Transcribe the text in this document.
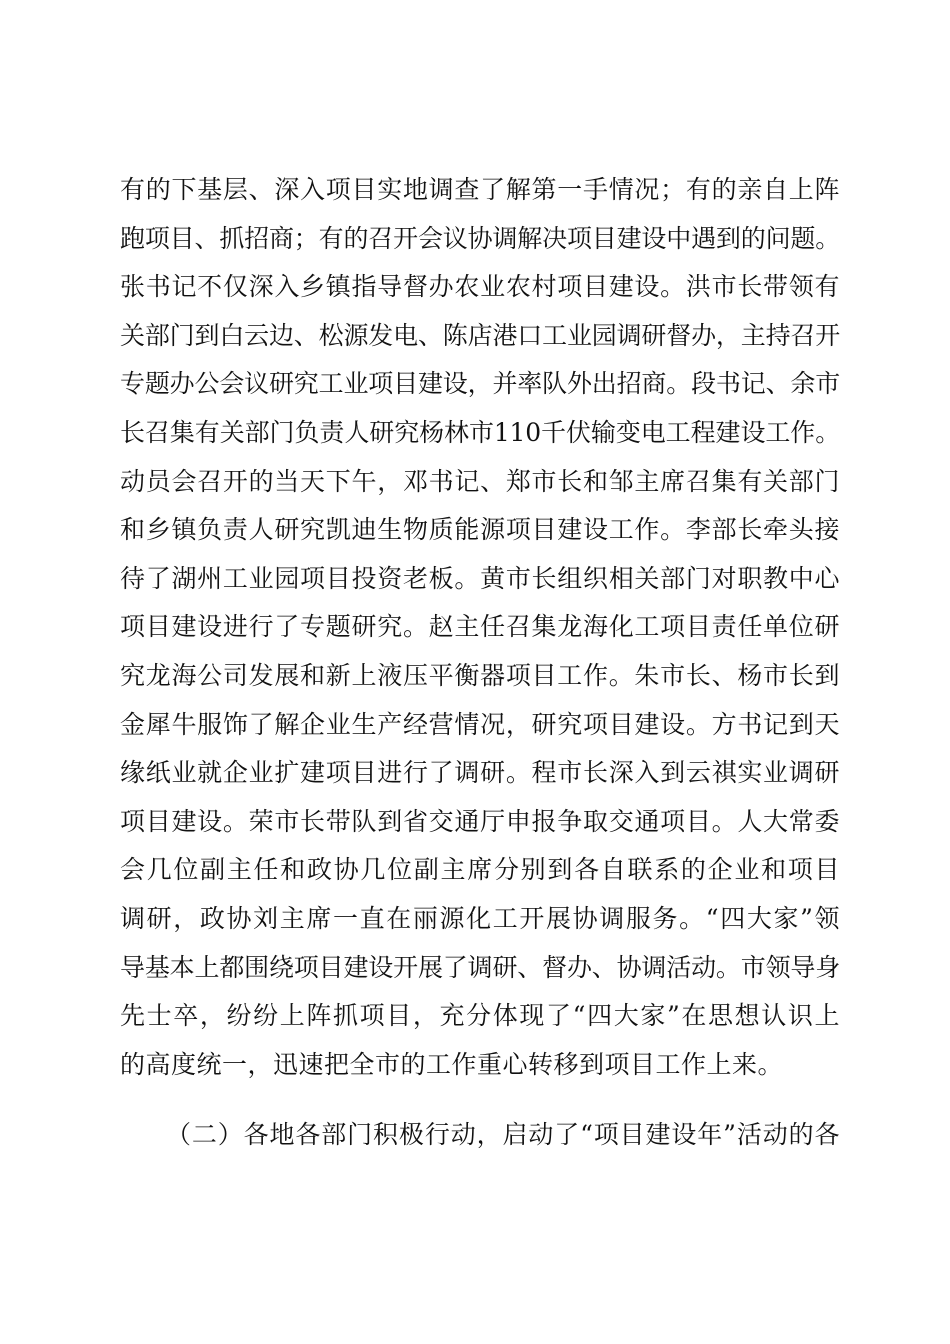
有的下基层、深入项目实地调查了解第一手情况；有的亲自上阵
跑项目、抓招商；有的召开会议协调解决项目建设中遇到的问题。
张书记不仅深入乡镇指导督办农业农村项目建设。洪市长带领有
关部门到白云边、松源发电、陈店港口工业园调研督办，主持召开
专题办公会议研究工业项目建设，并率队外出招商。段书记、余市
长召集有关部门负责人研究杨林市110千伏输变电工程建设工作。
动员会召开的当天下午，邓书记、郑市长和邹主席召集有关部门
和乡镇负责人研究凯迪生物质能源项目建设工作。李部长牵头接
待了湖州工业园项目投资老板。黄市长组织相关部门对职教中心
项目建设进行了专题研究。赵主任召集龙海化工项目责任单位研
究龙海公司发展和新上液压平衡器项目工作。朱市长、杨市长到
金犀牛服饰了解企业生产经营情况，研究项目建设。方书记到天
缘纸业就企业扩建项目进行了调研。程市长深入到云祺实业调研
项目建设。荣市长带队到省交通厅申报争取交通项目。人大常委
会几位副主任和政协几位副主席分别到各自联系的企业和项目
调研，政协刘主席一直在丽源化工开展协调服务。“四大家”领
导基本上都围绕项目建设开展了调研、督办、协调活动。市领导身
先士卒，纷纷上阵抓项目，充分体现了“四大家”在思想认识上
的高度统一，迅速把全市的工作重心转移到项目工作上来。
（二）各地各部门积极行动，启动了“项目建设年”活动的各
